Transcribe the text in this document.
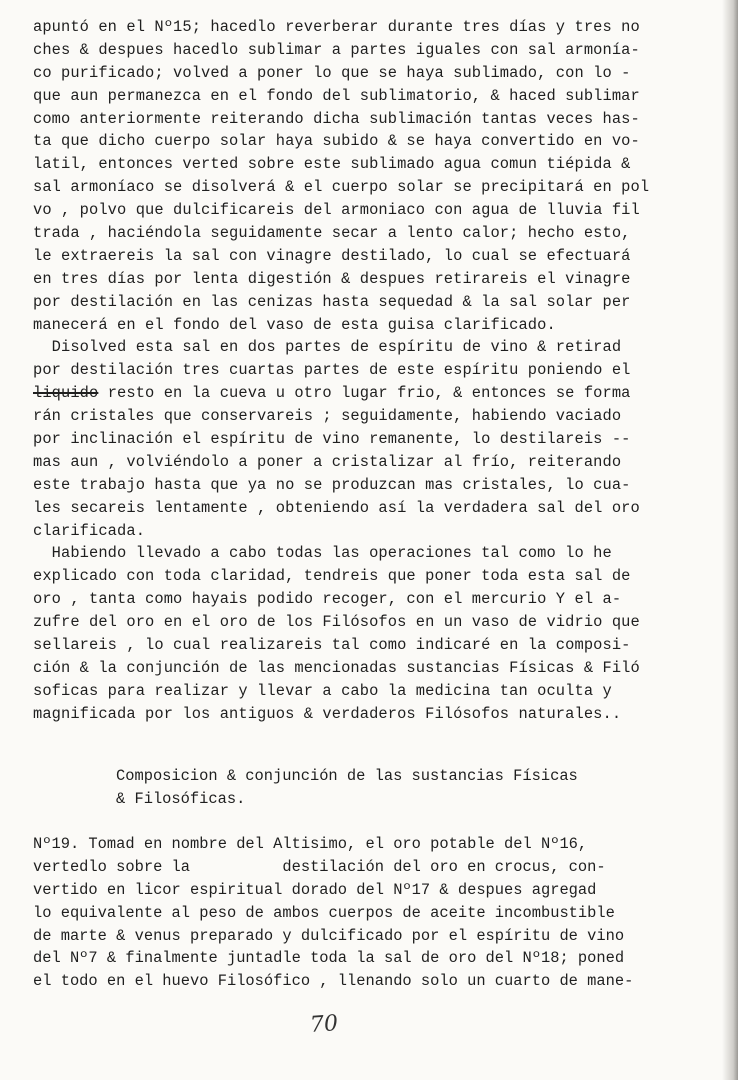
apuntó en el Nº15; hacedlo reverberar durante tres días y tres no
ches & despues hacedlo sublimar a partes iguales con sal armonía-
co purificado; volved a poner lo que se haya sublimado, con lo -
que aun permanezca en el fondo del sublimatorio, & haced sublimar
como anteriormente reiterando dicha sublimación tantas veces has-
ta que dicho cuerpo solar haya subido & se haya convertido en vo-
latil, entonces verted sobre este sublimado agua comun tiépida &
sal armoníaco se disolverá & el cuerpo solar se precipitará en pol
vo , polvo que dulcificareis del armoniaco con agua de lluvia fil
trada , haciéndola seguidamente secar a lento calor; hecho esto,
le extraereis la sal con vinagre destilado, lo cual se efectuará
en tres días por lenta digestión & despues retirareis el vinagre
por destilación en las cenizas hasta sequedad & la sal solar per
manecerá en el fondo del vaso de esta guisa clarificado.
Disolved esta sal en dos partes de espíritu de vino & retirad
por destilación tres cuartas partes de este espíritu poniendo el
liquido resto en la cueva u otro lugar frio, & entonces se forma
rán cristales que conservareis ; seguidamente, habiendo vaciado
por inclinación el espíritu de vino remanente, lo destilareis --
mas aun , volviéndolo a poner a cristalizar al frío, reiterando
este trabajo hasta que ya no se produzcan mas cristales, lo cua-
les secareis lentamente , obteniendo así la verdadera sal del oro
clarificada.
Habiendo llevado a cabo todas las operaciones tal como lo he
explicado con toda claridad, tendreis que poner toda esta sal de
oro , tanta como hayais podido recoger, con el mercurio Y el a-
zufre del oro en el oro de los Filósofos en un vaso de vidrio que
sellareis , lo cual realizareis tal como indicaré en la composi-
ción & la conjunción de las mencionadas sustancias Físicas & Filó
soficas para realizar y llevar a cabo la medicina tan oculta y
magnificada por los antiguos & verdaderos Filósofos naturales..
Composicion & conjunción de las sustancias Físicas
& Filosóficas.
Nº19. Tomad en nombre del Altisimo, el oro potable del Nº16,
vertedlo sobre la          destilación del oro en crocus, con-
vertido en licor espiritual dorado del Nº17 & despues agregad
lo equivalente al peso de ambos cuerpos de aceite incombustible
de marte & venus preparado y dulcificado por el espíritu de vino
del Nº7 & finalmente juntadle toda la sal de oro del Nº18; poned
el todo en el huevo Filosófico , llenando solo un cuarto de mane-
70
